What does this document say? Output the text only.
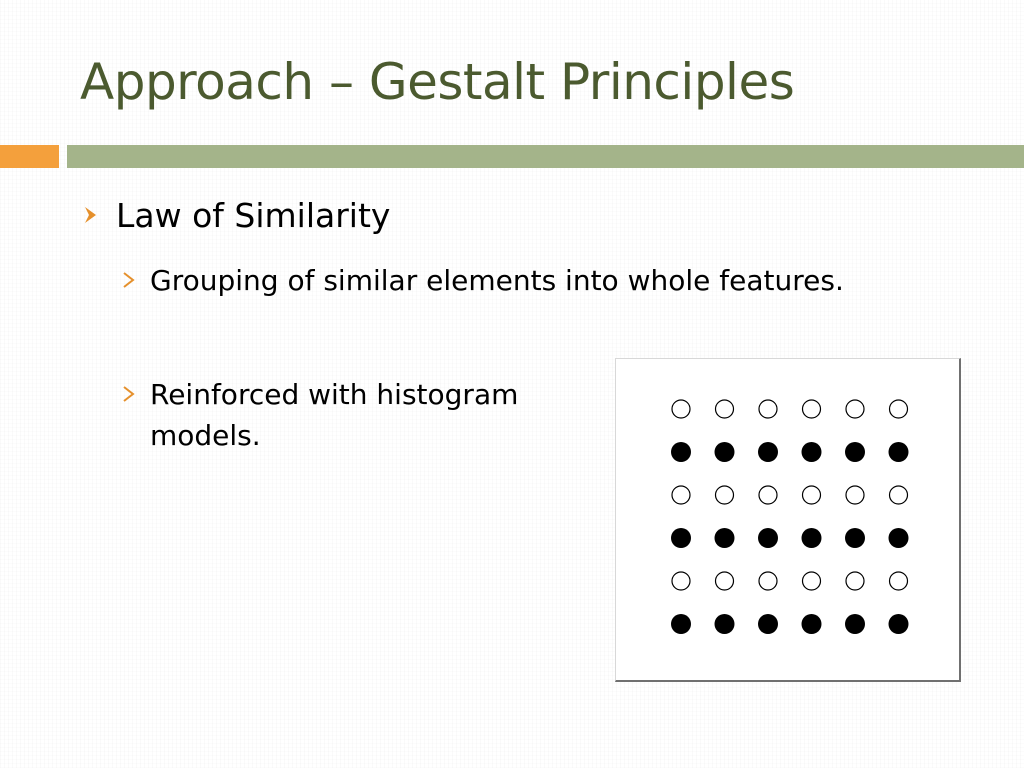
Approach – Gestalt Principles
Law of Similarity
Grouping of similar elements into whole features.
Reinforced with histogram models.
